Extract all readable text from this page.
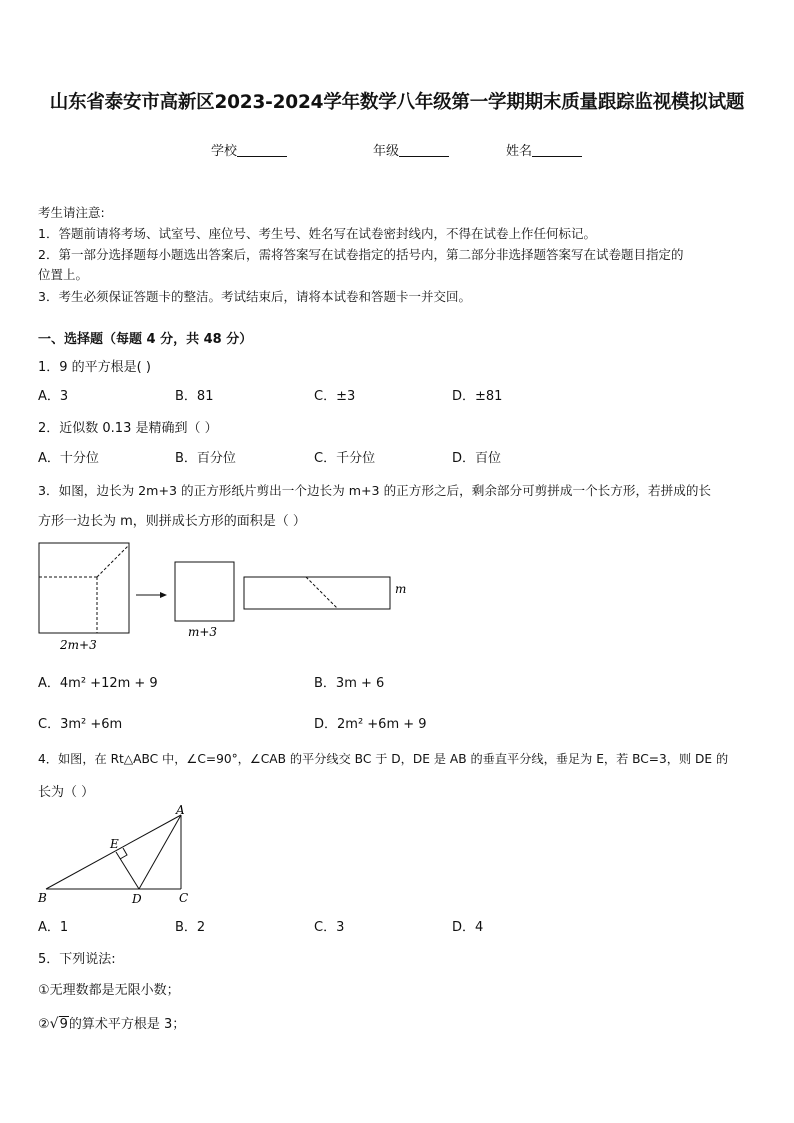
山东省泰安市高新区2023-2024学年数学八年级第一学期期末质量跟踪监视模拟试题
学校	年级	姓名
考生请注意:
1．答题前请将考场、试室号、座位号、考生号、姓名写在试卷密封线内，不得在试卷上作任何标记。
2．第一部分选择题每小题选出答案后，需将答案写在试卷指定的括号内，第二部分非选择题答案写在试卷题目指定的
位置上。
3．考生必须保证答题卡的整洁。考试结束后，请将本试卷和答题卡一并交回。
一、选择题（每题 4 分，共 48 分）
1．9 的平方根是( )
A．3	B．81	C．±3	D．±81
2．近似数 0.13 是精确到（ ）
A．十分位	B．百分位	C．千分位	D．百位
3．如图，边长为 2m+3 的正方形纸片剪出一个边长为 m+3 的正方形之后，剩余部分可剪拼成一个长方形，若拼成的长
方形一边长为 m，则拼成长方形的面积是（ ）
2m+3
m+3
m
A．4m² +12m + 9	B．3m + 6
C．3m² +6m	D．2m² +6m + 9
4．如图，在 Rt△ABC 中，∠C=90°，∠CAB 的平分线交 BC 于 D，DE 是 AB 的垂直平分线，垂足为 E，若 BC=3，则 DE 的
长为（ ）
A
B	C
D
E
A．1	B．2	C．3	D．4
5．下列说法:
①无理数都是无限小数；
②√9的算术平方根是 3；
